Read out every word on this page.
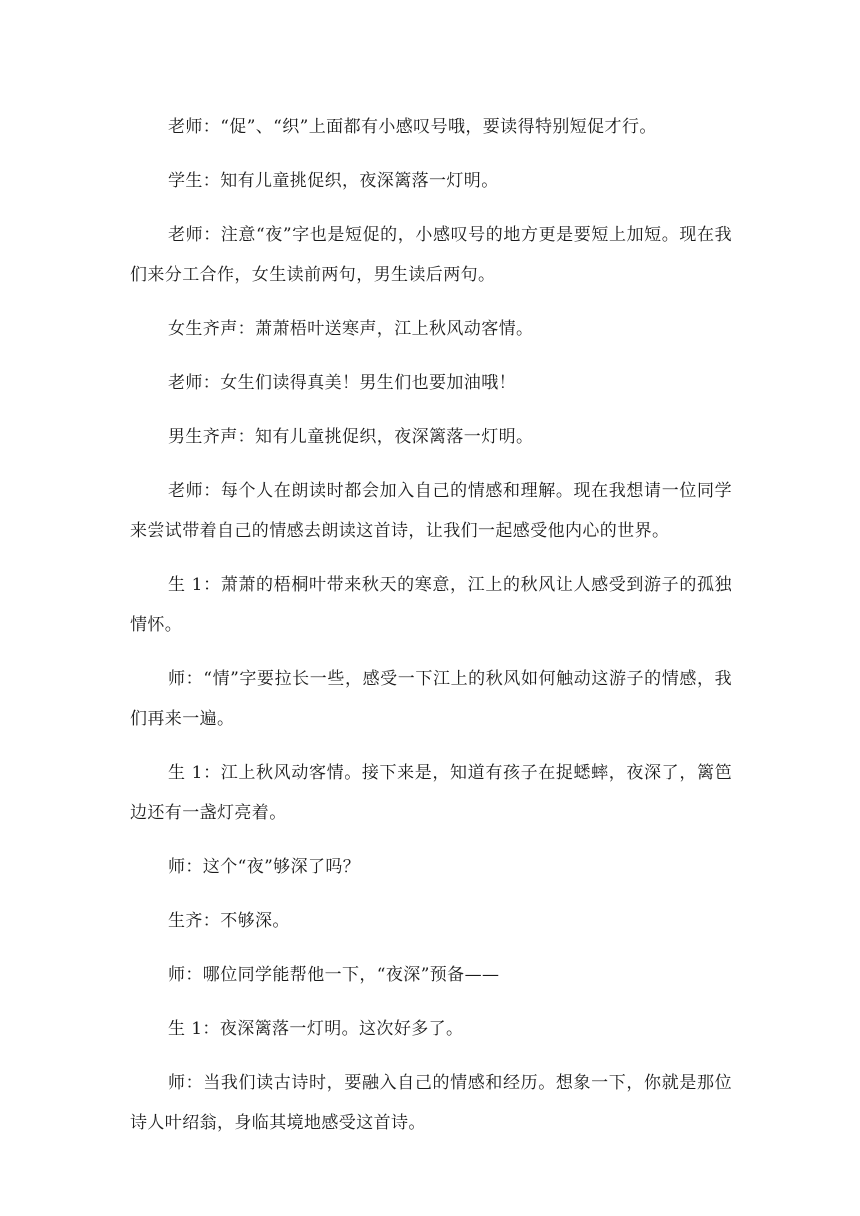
老师：“促”、“织”上面都有小感叹号哦，要读得特别短促才行。

学生：知有儿童挑促织，夜深篱落一灯明。

老师：注意“夜”字也是短促的，小感叹号的地方更是要短上加短。现在我们来分工合作，女生读前两句，男生读后两句。

女生齐声：萧萧梧叶送寒声，江上秋风动客情。

老师：女生们读得真美！男生们也要加油哦！

男生齐声：知有儿童挑促织，夜深篱落一灯明。

老师：每个人在朗读时都会加入自己的情感和理解。现在我想请一位同学来尝试带着自己的情感去朗读这首诗，让我们一起感受他内心的世界。

生 1：萧萧的梧桐叶带来秋天的寒意，江上的秋风让人感受到游子的孤独情怀。

师：“情”字要拉长一些，感受一下江上的秋风如何触动这游子的情感，我们再来一遍。

生 1：江上秋风动客情。接下来是，知道有孩子在捉蟋蟀，夜深了，篱笆边还有一盏灯亮着。

师：这个“夜”够深了吗？

生齐：不够深。

师：哪位同学能帮他一下，“夜深”预备——

生 1：夜深篱落一灯明。这次好多了。

师：当我们读古诗时，要融入自己的情感和经历。想象一下，你就是那位诗人叶绍翁，身临其境地感受这首诗。
